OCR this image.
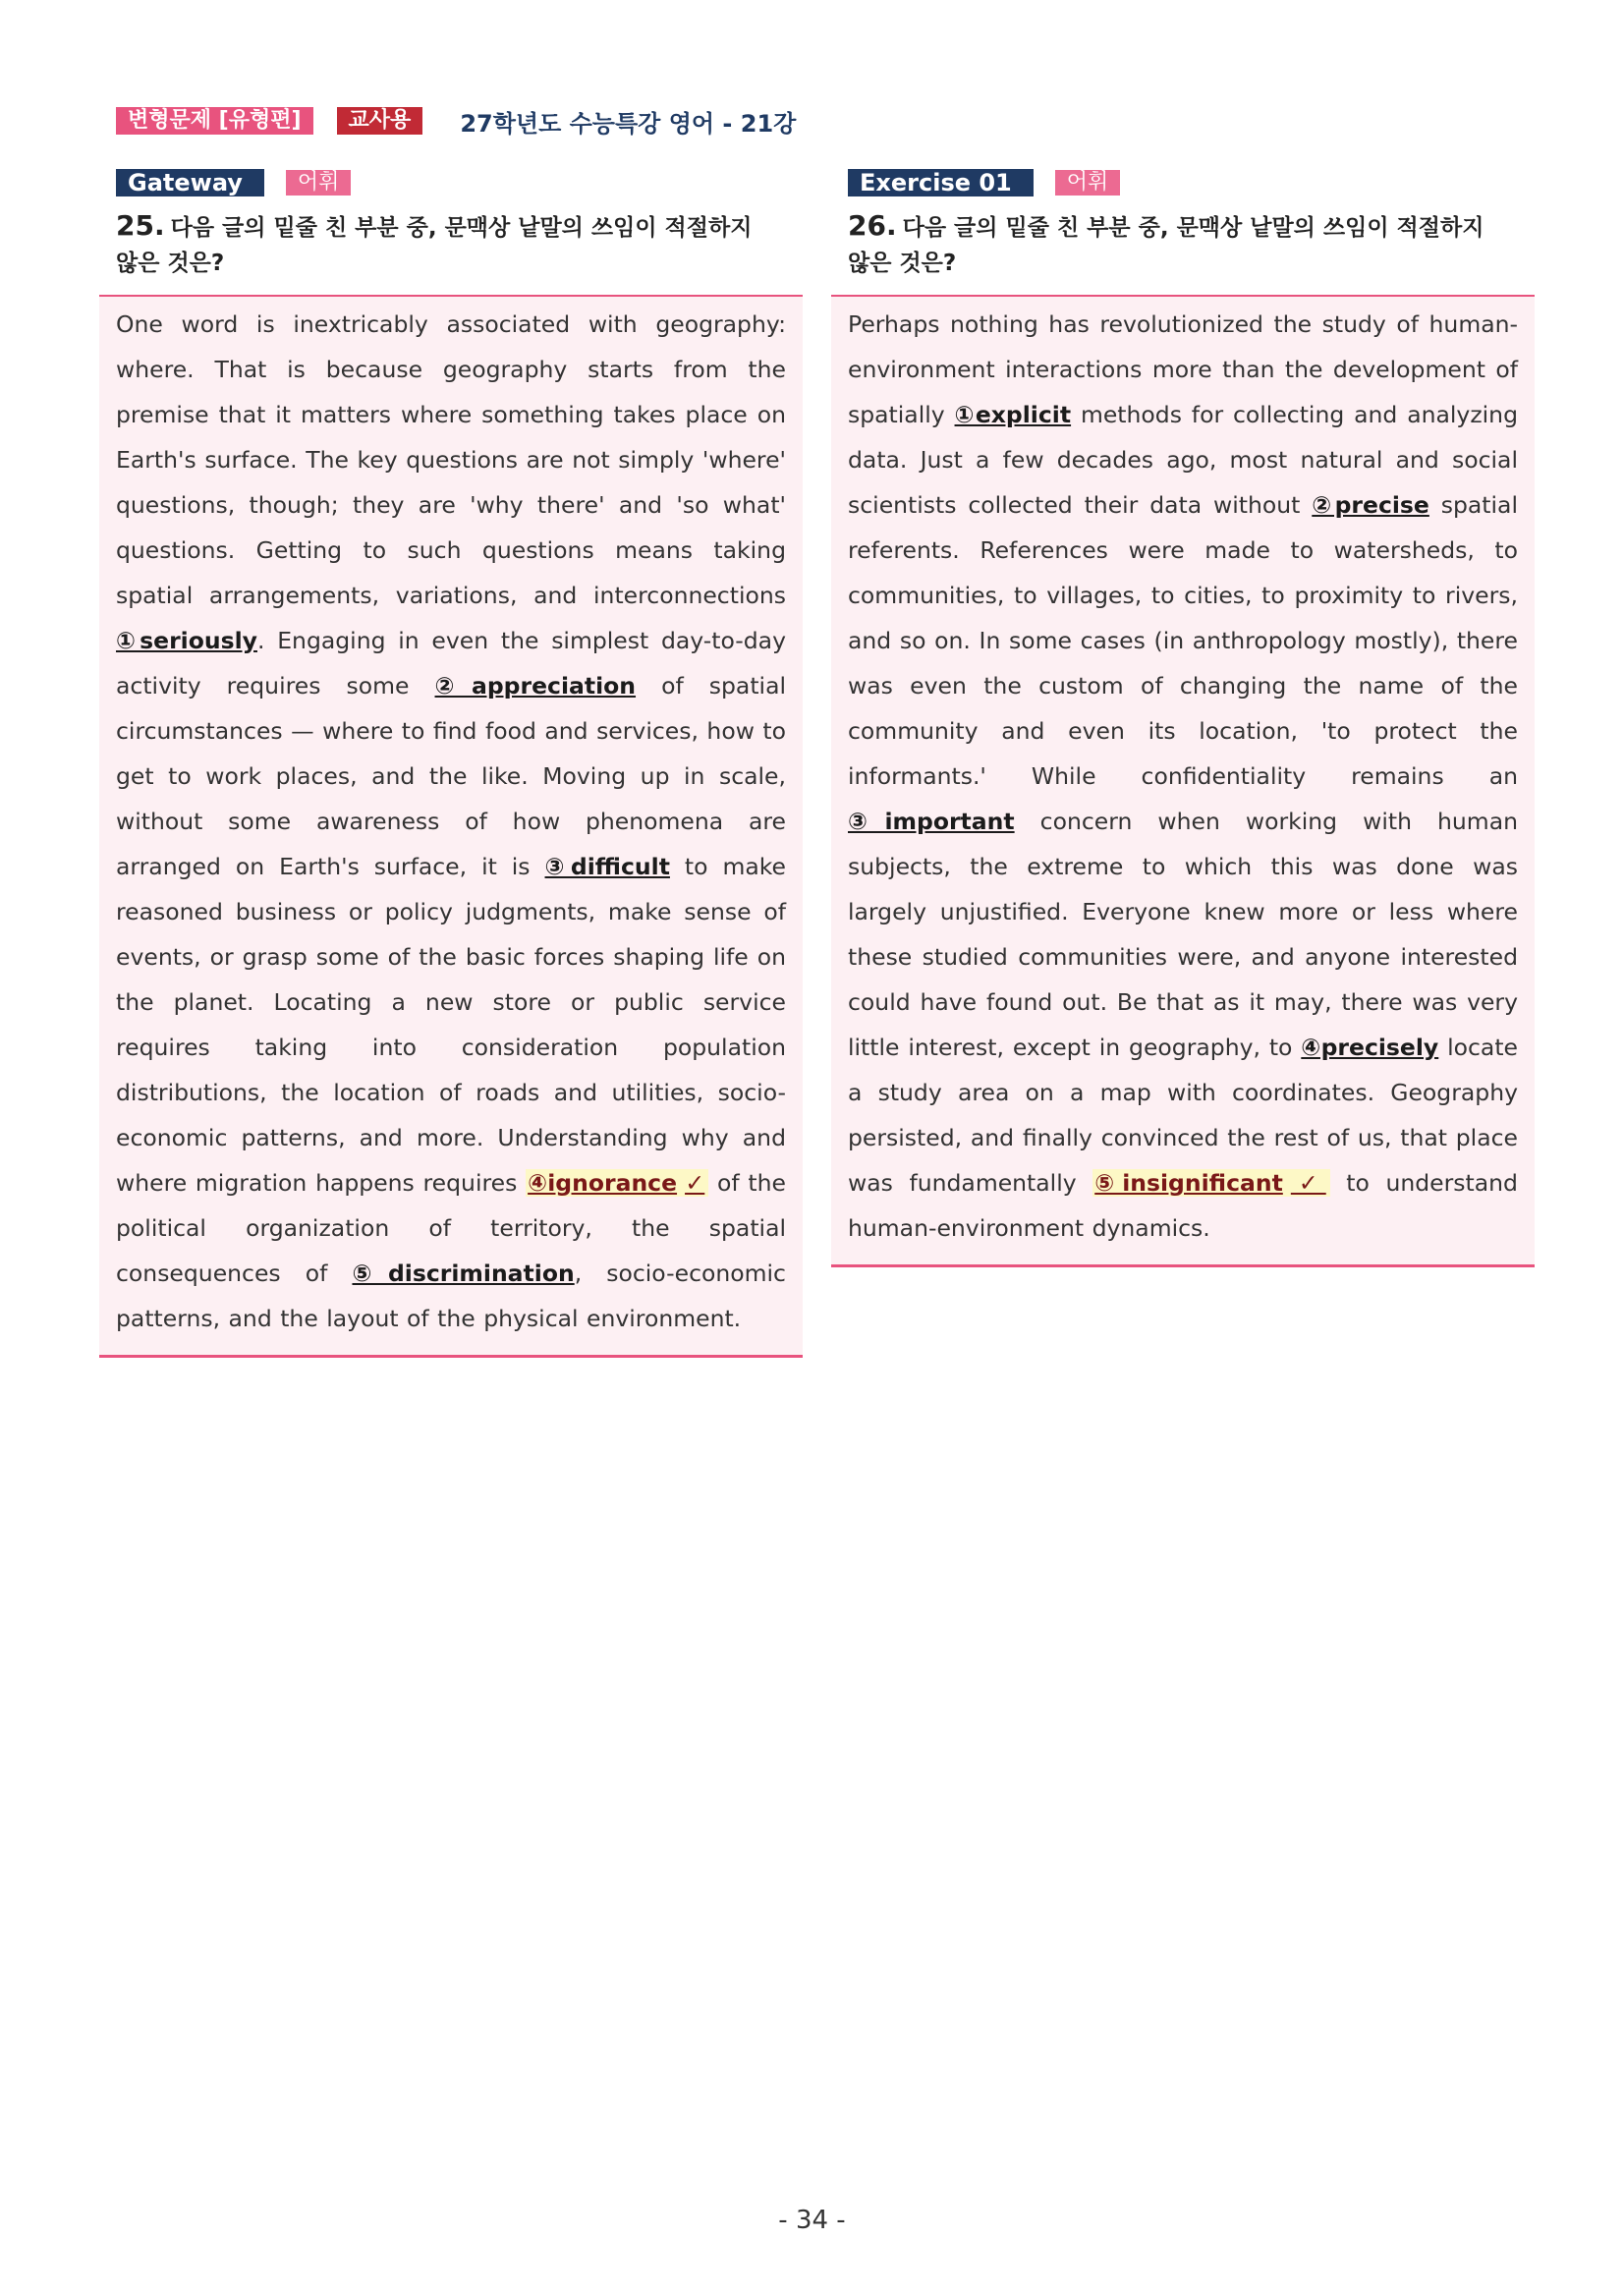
변형문제 [유형편]	교사용	27학년도 수능특강 영어 - 21강
Gateway	어휘
25. 다음 글의 밑줄 친 부분 중, 문맥상 낱말의 쓰임이 적절하지 않은 것은?

One word is inextricably associated with geography: where. That is because geography starts from the premise that it matters where something takes place on Earth's surface. The key questions are not simply 'where' questions, though; they are 'why there' and 'so what' questions. Getting to such questions means taking spatial arrangements, variations, and interconnections ①seriously. Engaging in even the simplest day-to-day activity requires some ②appreciation of spatial circumstances — where to find food and services, how to get to work places, and the like. Moving up in scale, without some awareness of how phenomena are arranged on Earth's surface, it is ③difficult to make reasoned business or policy judgments, make sense of events, or grasp some of the basic forces shaping life on the planet. Locating a new store or public service requires taking into consideration population distributions, the location of roads and utilities, socio-economic patterns, and more. Understanding why and where migration happens requires ④ignorance ✓ of the political organization of territory, the spatial consequences of ⑤discrimination, socio-economic patterns, and the layout of the physical environment.

Exercise 01	어휘
26. 다음 글의 밑줄 친 부분 중, 문맥상 낱말의 쓰임이 적절하지 않은 것은?

Perhaps nothing has revolutionized the study of human-environment interactions more than the development of spatially ①explicit methods for collecting and analyzing data. Just a few decades ago, most natural and social scientists collected their data without ②precise spatial referents. References were made to watersheds, to communities, to villages, to cities, to proximity to rivers, and so on. In some cases (in anthropology mostly), there was even the custom of changing the name of the community and even its location, 'to protect the informants.' While confidentiality remains an ③important concern when working with human subjects, the extreme to which this was done was largely unjustified. Everyone knew more or less where these studied communities were, and anyone interested could have found out. Be that as it may, there was very little interest, except in geography, to ④precisely locate a study area on a map with coordinates. Geography persisted, and finally convinced the rest of us, that place was fundamentally ⑤insignificant ✓ to understand human-environment dynamics.

- 34 -
